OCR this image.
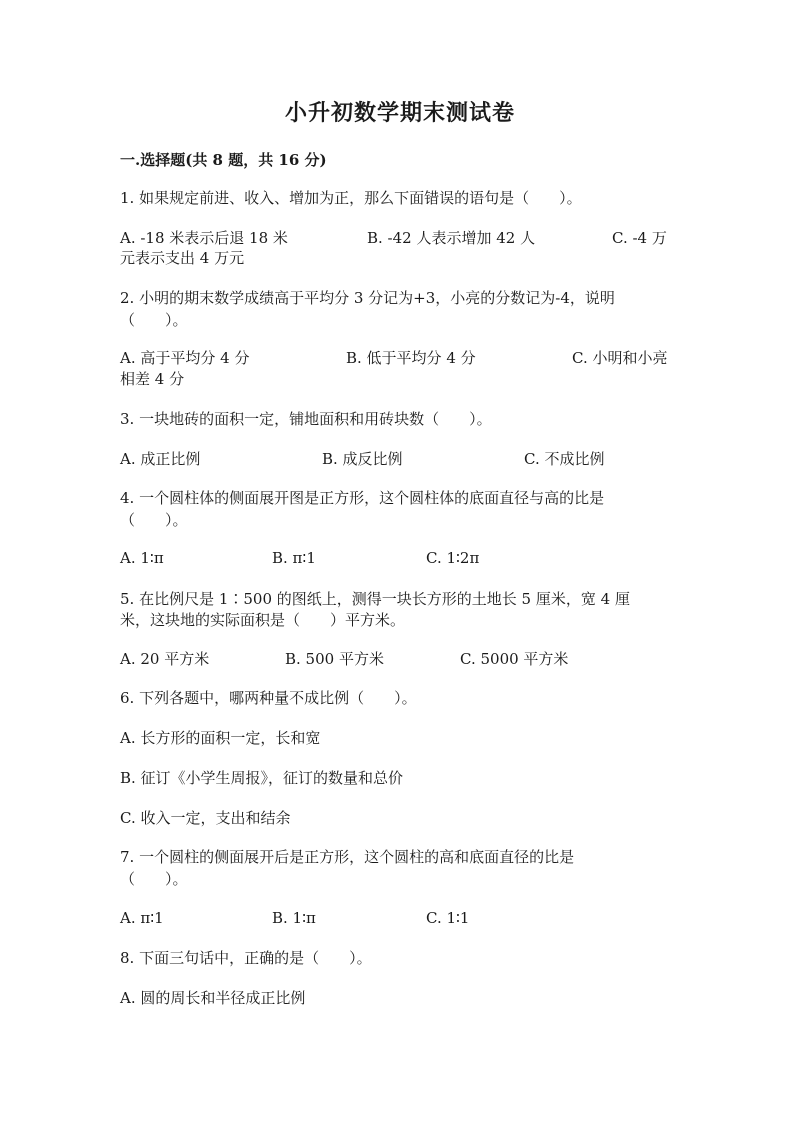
小升初数学期末测试卷
一.选择题(共 8 题，共 16 分)
1. 如果规定前进、收入、增加为正，那么下面错误的语句是（　　）。
A. -18 米表示后退 18 米	B. -42 人表示增加 42 人	C. -4 万
元表示支出 4 万元
2. 小明的期末数学成绩高于平均分 3 分记为+3，小亮的分数记为-4，说明
（　　）。
A. 高于平均分 4 分	B. 低于平均分 4 分	C. 小明和小亮
相差 4 分
3. 一块地砖的面积一定，铺地面积和用砖块数（　　）。
A. 成正比例	B. 成反比例	C. 不成比例
4. 一个圆柱体的侧面展开图是正方形，这个圆柱体的底面直径与高的比是
（　　）。
A. 1∶π	B. π∶1	C. 1∶2π
5. 在比例尺是 1∶500 的图纸上，测得一块长方形的土地长 5 厘米，宽 4 厘
米，这块地的实际面积是（　　）平方米。
A. 20 平方米	B. 500 平方米	C. 5000 平方米
6. 下列各题中，哪两种量不成比例（　　）。
A. 长方形的面积一定，长和宽
B. 征订《小学生周报》，征订的数量和总价
C. 收入一定，支出和结余
7. 一个圆柱的侧面展开后是正方形，这个圆柱的高和底面直径的比是
（　　）。
A. π∶1	B. 1∶π	C. 1∶1
8. 下面三句话中，正确的是（　　）。
A. 圆的周长和半径成正比例
